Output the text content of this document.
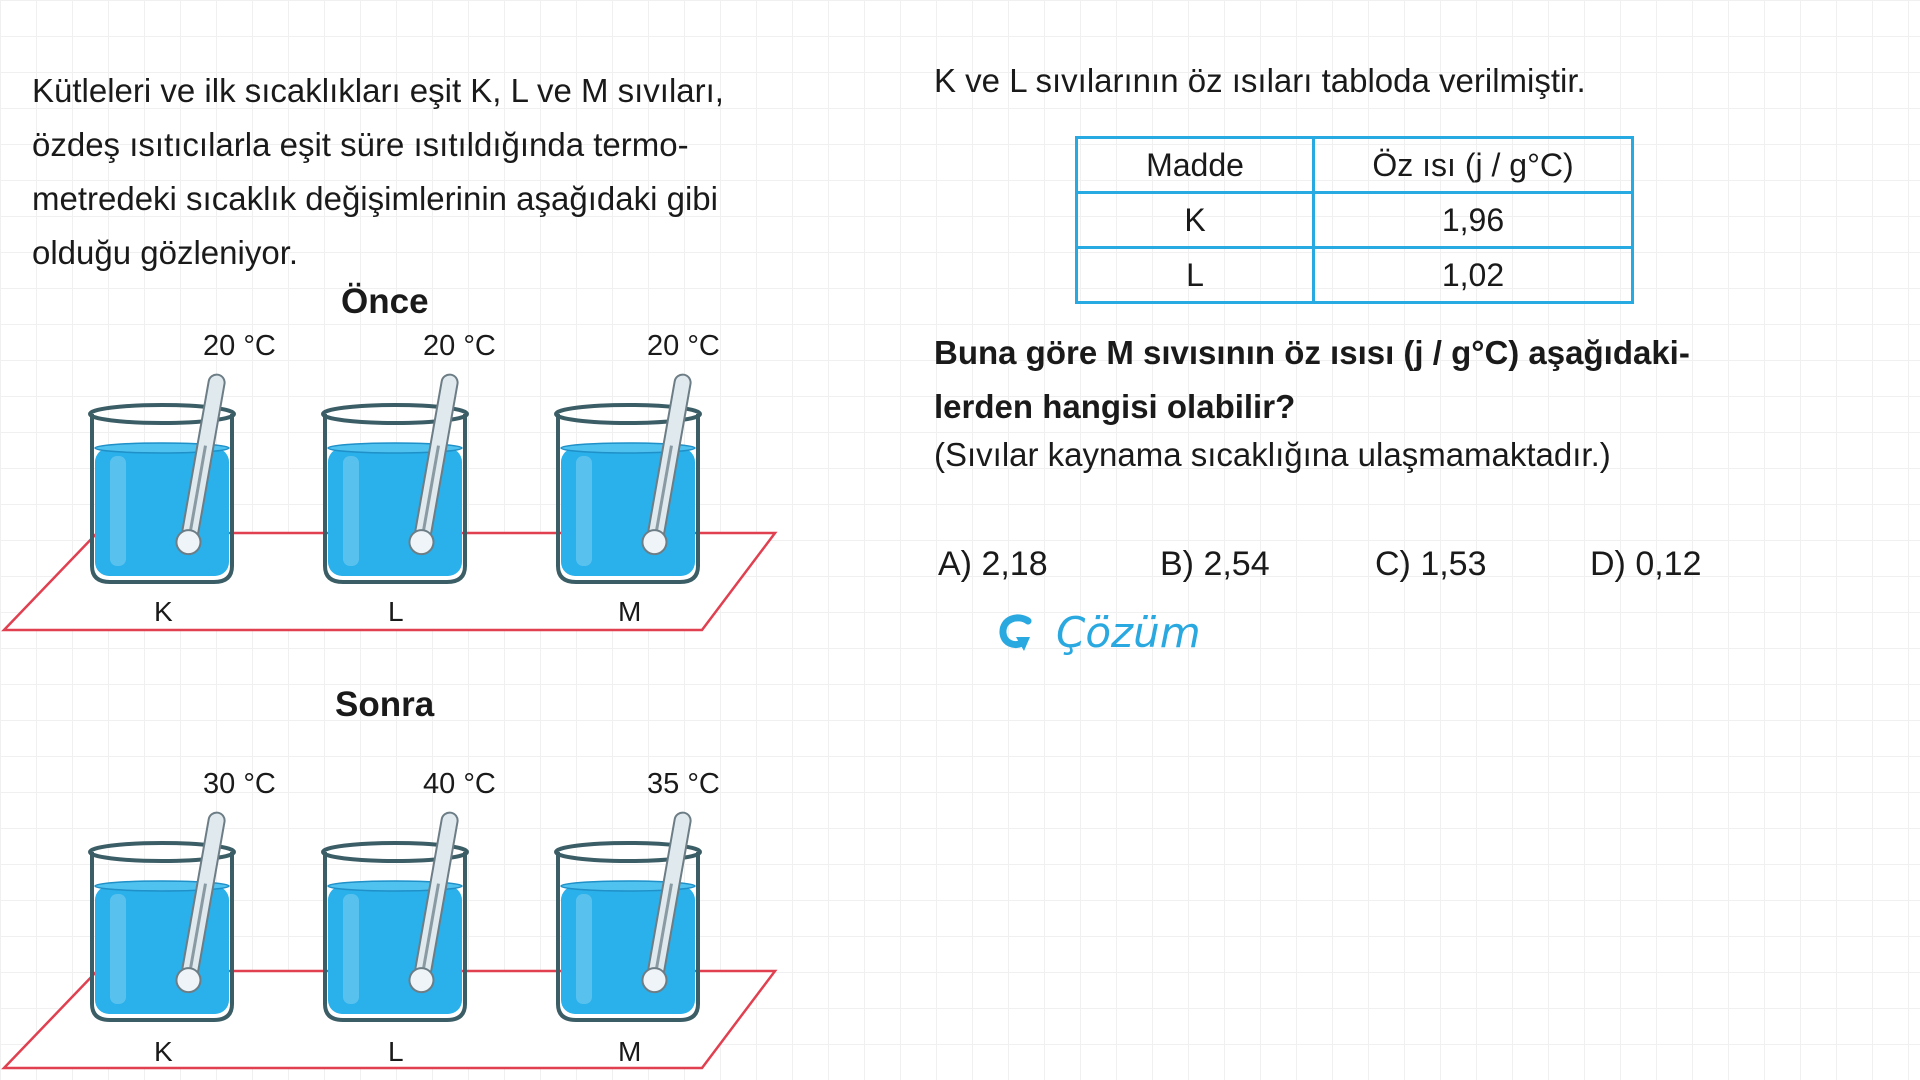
Kütleleri ve ilk sıcaklıkları eşit K, L ve M sıvıları,

özdeş ısıtıcılarla eşit süre ısıtıldığında termo-

metredeki sıcaklık değişimlerinin aşağıdaki gibi

olduğu gözleniyor.

Önce
20 °C	20 °C	20 °C
K	L	M
Sonra
30 °C	40 °C	35 °C
K	L	M
K ve L sıvılarının öz ısıları tabloda verilmiştir.
Madde	Öz ısı (j / g°C)
K	1,96
L	1,02

Buna göre M sıvısının öz ısısı (j / g°C) aşağıdaki-

lerden hangisi olabilir?

(Sıvılar kaynama sıcaklığına ulaşmamaktadır.)
A) 2,18	B) 2,54	C) 1,53	D) 0,12
Çözüm
